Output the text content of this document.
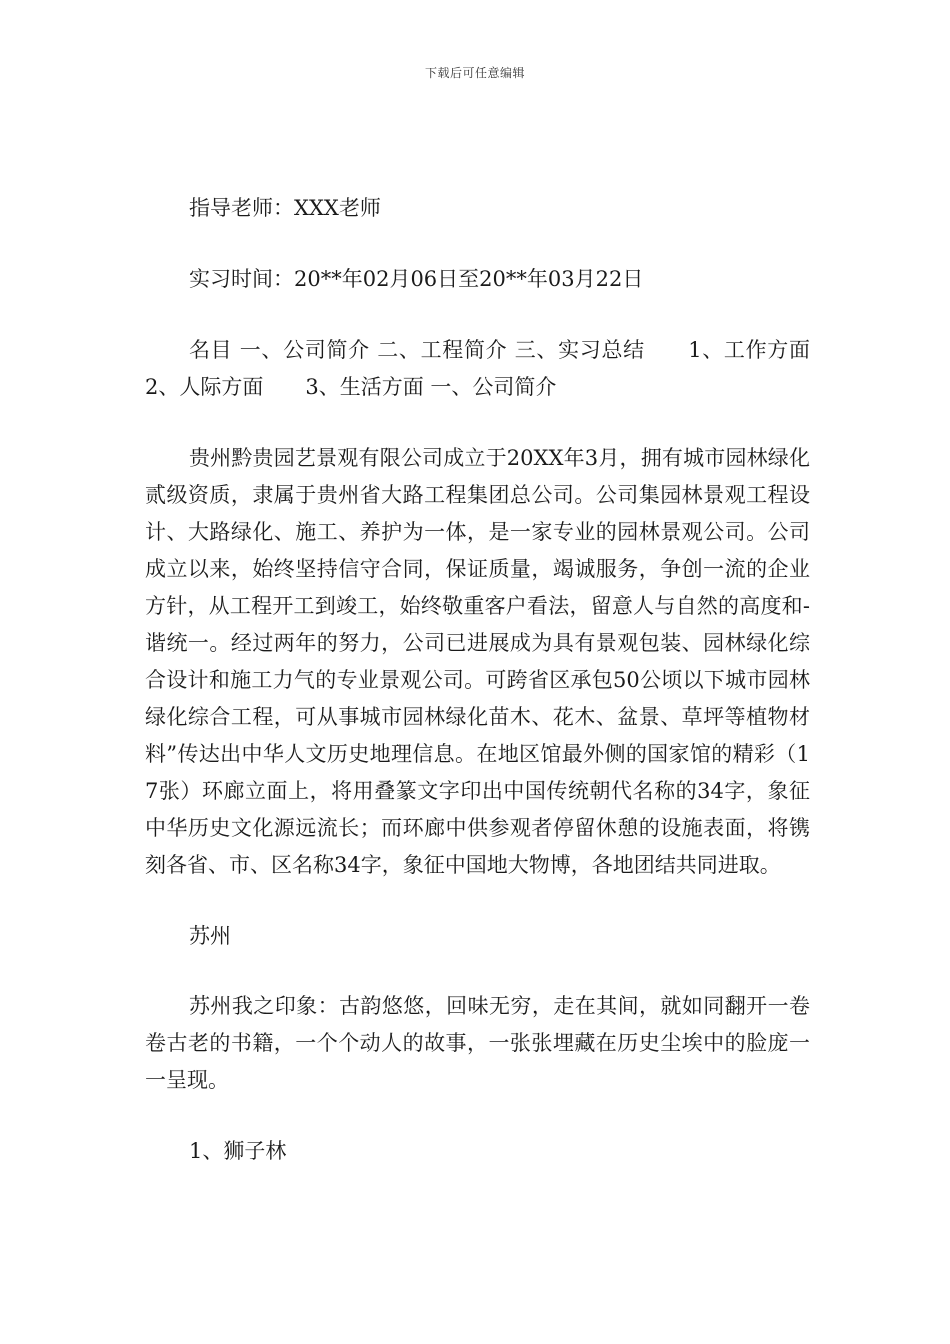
下载后可任意编辑

指导老师：XXX老师

实习时间：20**年02月06日至20**年03月22日

名目 一、公司简介 二、工程简介 三、实习总结　　1、工作方面　　2、人际方面　　3、生活方面 一、公司简介

贵州黔贵园艺景观有限公司成立于20XX年3月，拥有城市园林绿化贰级资质，隶属于贵州省大路工程集团总公司。公司集园林景观工程设计、大路绿化、施工、养护为一体，是一家专业的园林景观公司。公司成立以来，始终坚持信守合同，保证质量，竭诚服务，争创一流的企业方针，从工程开工到竣工，始终敬重客户看法，留意人与自然的高度和-谐统一。经过两年的努力，公司已进展成为具有景观包装、园林绿化综合设计和施工力气的专业景观公司。可跨省区承包50公顷以下城市园林绿化综合工程，可从事城市园林绿化苗木、花木、盆景、草坪等植物材料”传达出中华人文历史地理信息。在地区馆最外侧的国家馆的精彩（17张）环廊立面上，将用叠篆文字印出中国传统朝代名称的34字，象征中华历史文化源远流长；而环廊中供参观者停留休憩的设施表面，将镌刻各省、市、区名称34字，象征中国地大物博，各地团结共同进取。

苏州

苏州我之印象：古韵悠悠，回味无穷，走在其间，就如同翻开一卷卷古老的书籍，一个个动人的故事，一张张埋藏在历史尘埃中的脸庞一一呈现。

1、狮子林
